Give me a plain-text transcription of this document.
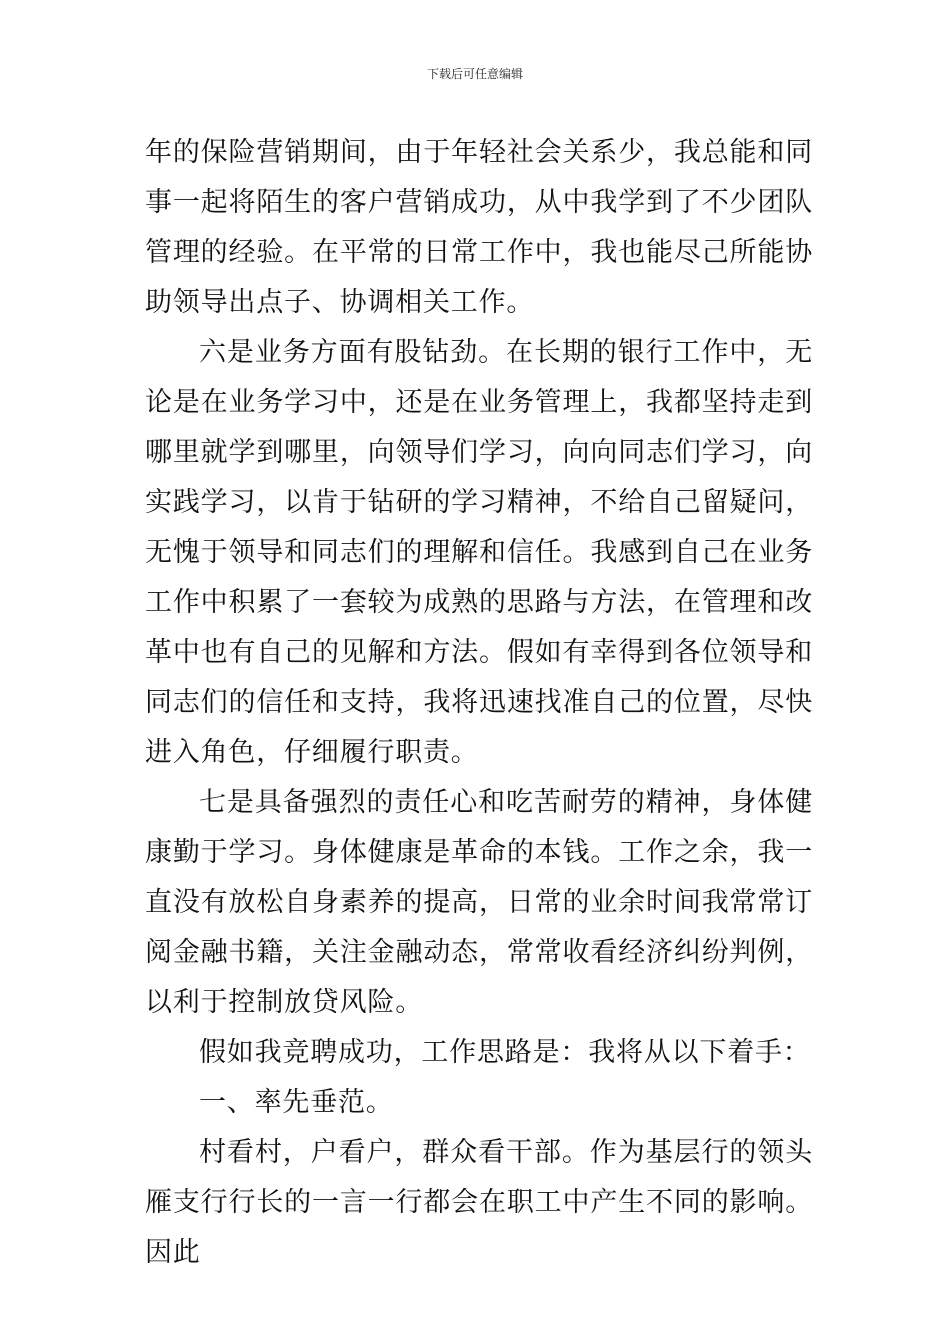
下载后可任意编辑

年的保险营销期间，由于年轻社会关系少，我总能和同事一起将陌生的客户营销成功，从中我学到了不少团队管理的经验。在平常的日常工作中，我也能尽己所能协助领导出点子、协调相关工作。

六是业务方面有股钻劲。在长期的银行工作中，无论是在业务学习中，还是在业务管理上，我都坚持走到哪里就学到哪里，向领导们学习，向向同志们学习，向实践学习，以肯于钻研的学习精神，不给自己留疑问，无愧于领导和同志们的理解和信任。我感到自己在业务工作中积累了一套较为成熟的思路与方法，在管理和改革中也有自己的见解和方法。假如有幸得到各位领导和同志们的信任和支持，我将迅速找准自己的位置，尽快进入角色，仔细履行职责。

七是具备强烈的责任心和吃苦耐劳的精神，身体健康勤于学习。身体健康是革命的本钱。工作之余，我一直没有放松自身素养的提高，日常的业余时间我常常订阅金融书籍，关注金融动态，常常收看经济纠纷判例，以利于控制放贷风险。

假如我竞聘成功，工作思路是：我将从以下着手：

一、率先垂范。

村看村，户看户，群众看干部。作为基层行的领头雁支行行长的一言一行都会在职工中产生不同的影响。因此
